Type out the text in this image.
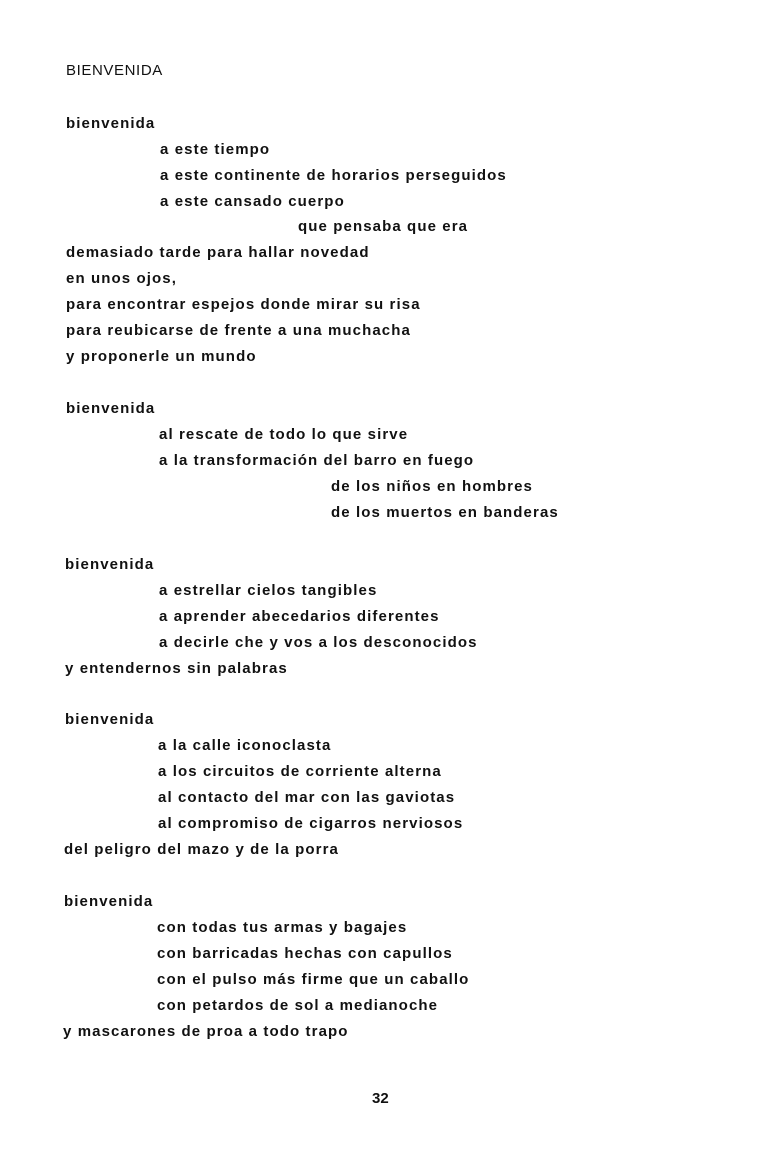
BIENVENIDA
bienvenida
a este tiempo
a este continente de horarios perseguidos
a este cansado cuerpo
que pensaba que era
demasiado tarde para hallar novedad
en unos ojos,
para encontrar espejos donde mirar su risa
para reubicarse de frente a una muchacha
y proponerle un mundo
bienvenida
al rescate de todo lo que sirve
a la transformación del barro en fuego
de los niños en hombres
de los muertos en banderas
bienvenida
a estrellar cielos tangibles
a aprender abecedarios diferentes
a decirle che y vos a los desconocidos
y entendernos sin palabras
bienvenida
a la calle iconoclasta
a los circuitos de corriente alterna
al contacto del mar con las gaviotas
al compromiso de cigarros nerviosos
del peligro del mazo y de la porra
bienvenida
con todas tus armas y bagajes
con barricadas hechas con capullos
con el pulso más firme que un caballo
con petardos de sol a medianoche
y mascarones de proa a todo trapo
32
